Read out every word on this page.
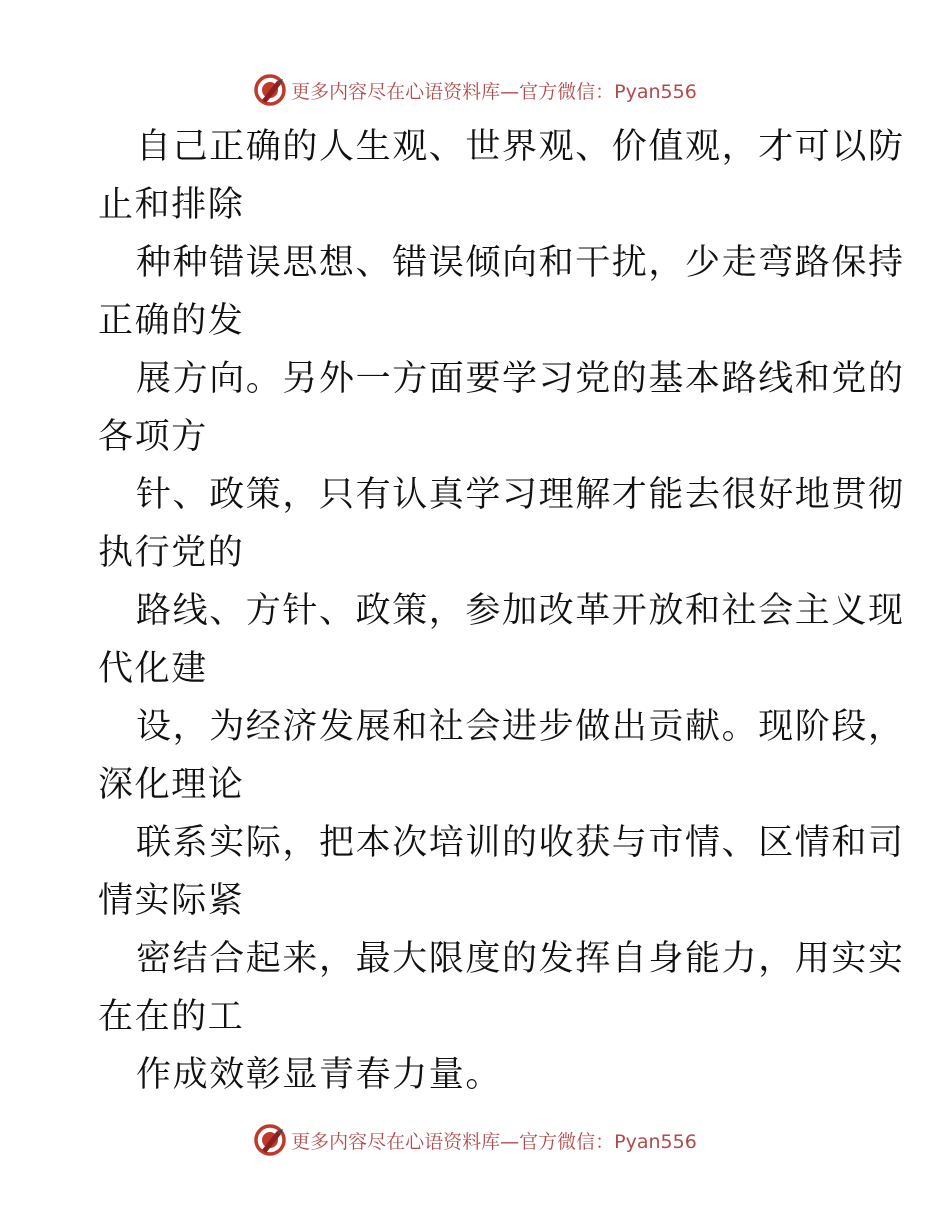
更多内容尽在心语资料库—官方微信：Pyan556
自己正确的人生观、世界观、价值观，才可以防
止和排除
种种错误思想、错误倾向和干扰，少走弯路保持
正确的发
展方向。另外一方面要学习党的基本路线和党的
各项方
针、政策，只有认真学习理解才能去很好地贯彻
执行党的
路线、方针、政策，参加改革开放和社会主义现
代化建
设，为经济发展和社会进步做出贡献。现阶段，
深化理论
联系实际，把本次培训的收获与市情、区情和司
情实际紧
密结合起来，最大限度的发挥自身能力，用实实
在在的工
作成效彰显青春力量。
更多内容尽在心语资料库—官方微信：Pyan556
